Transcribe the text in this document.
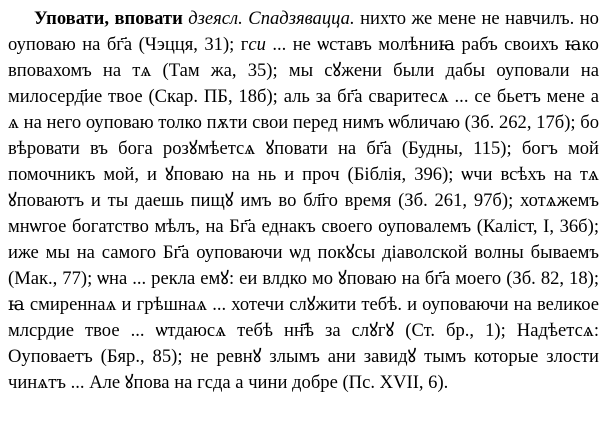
Уповати, вповати дзеясл. Спадзявацца. нихто же мене не навчилъ. но оуповаю на бг҃а (Чэцця, 31); гси ... не ѡставъ молѣниꙗ рабъ своихъ ꙗко вповахомъ на тѧ (Там жа, 35); мы сꙋжени были дабы оуповали на милосерд҃ие твое (Скар. ПБ, 18б); аль за бг҃а сваритесѧ ... се бьетъ мене а ѧ на него оуповаю толко пѫти свои перед нимъ ѡбличаю (Зб. 262, 17б); бо вѣровати въ бога розꙋмѣетсѧ ꙋповати на бг҃а (Будны, 115); богъ мой помочникъ мой, и ꙋповаю на нь и проч (Біблія, 396); ѡчи всѣхъ на тѧ ꙋповаютъ и ты даешь пищꙋ имъ во бл҃го время (Зб. 261, 97б); хотѧжемъ мнѡгое богатство мѣлъ, на Бг҃а еднакъ своего оуповалемъ (Каліст, І, 36б); иже мы на самого Бг҃а оуповаючи ѡд покꙋсы діаволской волны бываемъ (Мак., 77); ѡна ... рекла емꙋ: еи влдко мо ꙋповаю на бг҃а моего (Зб. 82, 18); ꙗ смиреннаѧ и грѣшнаѧ ... хотечи слꙋжити тебѣ. и оуповаючи на великое млсрдие твое ... ѡтдаюсѧ тебѣ нн҃ѣ за слꙋгꙋ (Ст. бр., 1); Надѣетсѧ: Оуповаетъ (Бяр., 85); не ревнꙋ злымъ ани завидꙋ тымъ которые злости чинѧтъ ... Але ꙋпова на гсда а чини добре (Пс. XVII, 6).
